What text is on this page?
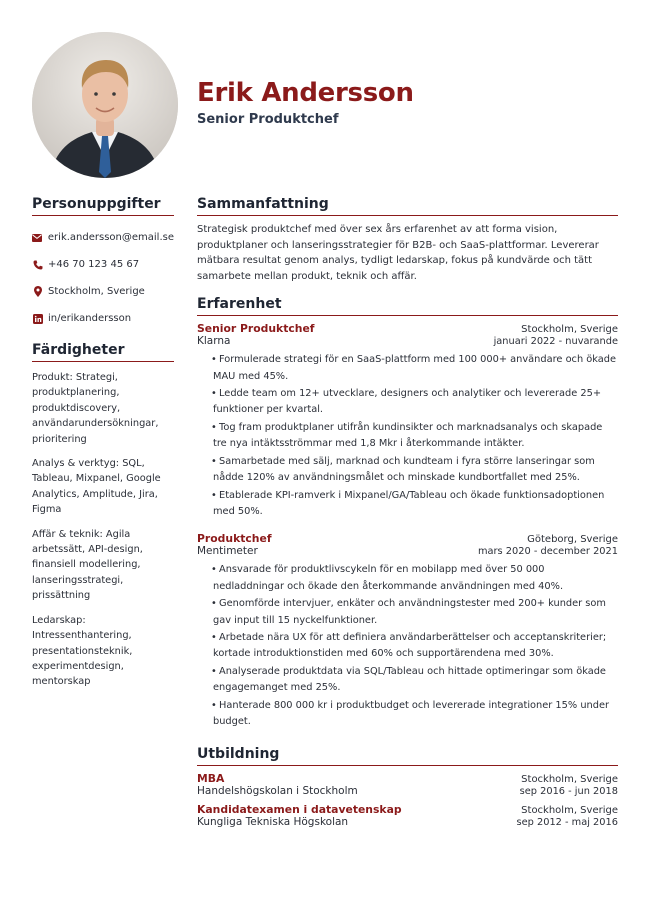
Erik Andersson
Senior Produktchef
Personuppgifter
erik.andersson@email.se
+46 70 123 45 67
Stockholm, Sverige
in/erikandersson
Färdigheter
Produkt: Strategi, produktplanering, produktdiscovery, användarundersökningar, prioritering
Analys & verktyg: SQL, Tableau, Mixpanel, Google Analytics, Amplitude, Jira, Figma
Affär & teknik: Agila arbetssätt, API-design, finansiell modellering, lanseringsstrategi, prissättning
Ledarskap: Intressenthantering, presentationsteknik, experimentdesign, mentorskap
Sammanfattning
Strategisk produktchef med över sex års erfarenhet av att forma vision, produktplaner och lanseringsstrategier för B2B- och SaaS-plattformar. Levererar mätbara resultat genom analys, tydligt ledarskap, fokus på kundvärde och tätt samarbete mellan produkt, teknik och affär.
Erfarenhet
Senior Produktchef	Stockholm, Sverige
Klarna	januari 2022 - nuvarande
• Formulerade strategi för en SaaS-plattform med 100 000+ användare och ökade MAU med 45%.
• Ledde team om 12+ utvecklare, designers och analytiker och levererade 25+ funktioner per kvartal.
• Tog fram produktplaner utifrån kundinsikter och marknadsanalys och skapade tre nya intäktsströmmar med 1,8 Mkr i återkommande intäkter.
• Samarbetade med sälj, marknad och kundteam i fyra större lanseringar som nådde 120% av användningsmålet och minskade kundbortfallet med 25%.
• Etablerade KPI-ramverk i Mixpanel/GA/Tableau och ökade funktionsadoptionen med 50%.
Produktchef	Göteborg, Sverige
Mentimeter	mars 2020 - december 2021
• Ansvarade för produktlivscykeln för en mobilapp med över 50 000 nedladdningar och ökade den återkommande användningen med 40%.
• Genomförde intervjuer, enkäter och användningstester med 200+ kunder som gav input till 15 nyckelfunktioner.
• Arbetade nära UX för att definiera användarberättelser och acceptanskriterier; kortade introduktionstiden med 60% och supportärendena med 30%.
• Analyserade produktdata via SQL/Tableau och hittade optimeringar som ökade engagemanget med 25%.
• Hanterade 800 000 kr i produktbudget och levererade integrationer 15% under budget.
Utbildning
MBA	Stockholm, Sverige
Handelshögskolan i Stockholm	sep 2016 - jun 2018
Kandidatexamen i datavetenskap	Stockholm, Sverige
Kungliga Tekniska Högskolan	sep 2012 - maj 2016
